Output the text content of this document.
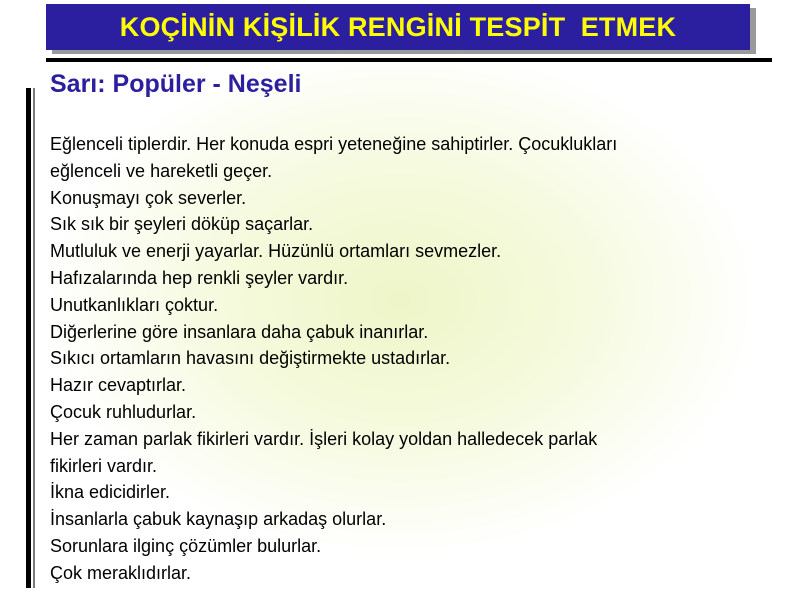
KOÇİNİN KİŞİLİK RENGİNİ TESPİT  ETMEK
Sarı: Popüler - Neşeli
Eğlenceli tiplerdir. Her konuda espri yeteneğine sahiptirler. Çocuklukları
eğlenceli ve hareketli geçer.
Konuşmayı çok severler.
Sık sık bir şeyleri döküp saçarlar.
Mutluluk ve enerji yayarlar. Hüzünlü ortamları sevmezler.
Hafızalarında hep renkli şeyler vardır.
Unutkanlıkları çoktur.
Diğerlerine göre insanlara daha çabuk inanırlar.
Sıkıcı ortamların havasını değiştirmekte ustadırlar.
Hazır cevaptırlar.
Çocuk ruhludurlar.
Her zaman parlak fikirleri vardır. İşleri kolay yoldan halledecek parlak
fikirleri vardır.
İkna edicidirler.
İnsanlarla çabuk kaynaşıp arkadaş olurlar.
Sorunlara ilginç çözümler bulurlar.
Çok meraklıdırlar.
